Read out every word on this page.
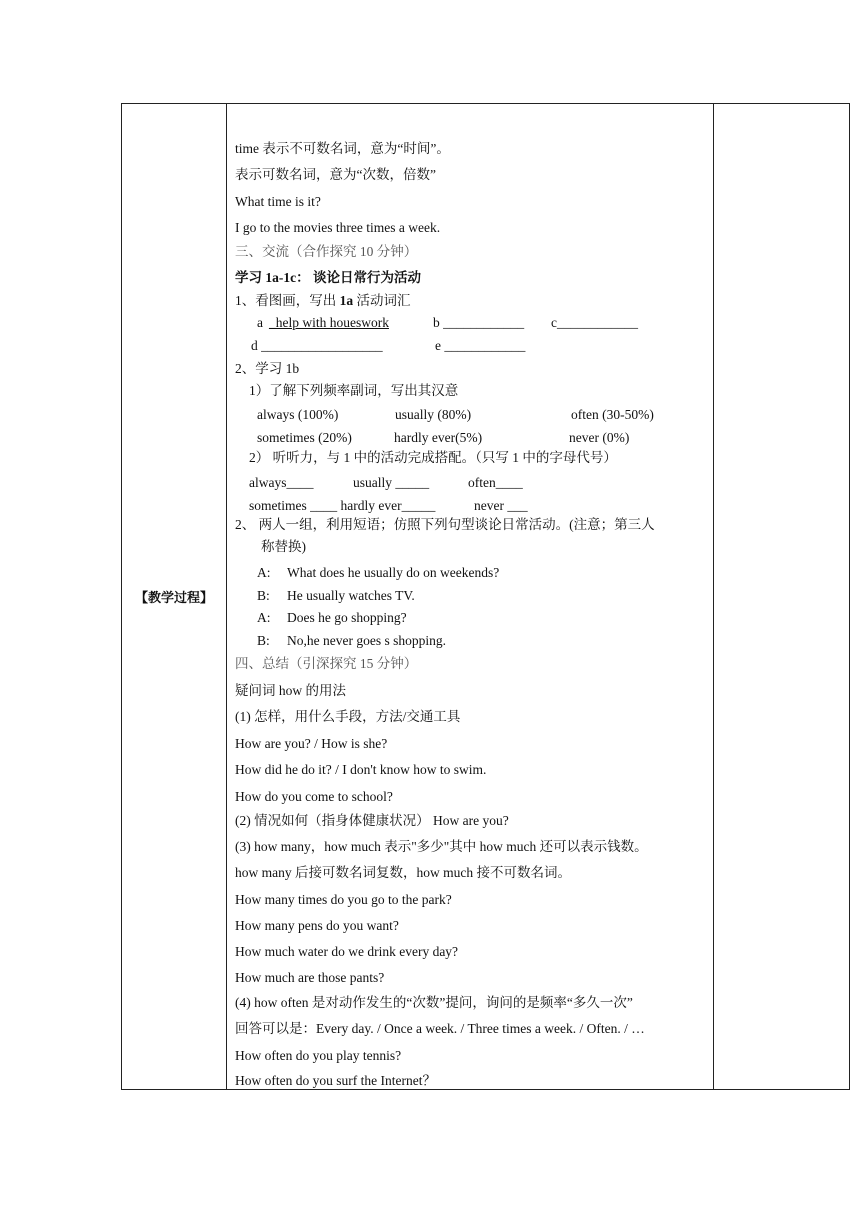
【教学过程】	
time 表示不可数名词，意为“时间”。
表示可数名词，意为“次数，倍数”
What time is it?
I go to the movies three times a week.
三、交流（合作探究 10 分钟）
学习 1a-1c： 谈论日常行为活动
1、看图画，写出 1a 活动词汇
a _help with houeswork	b ____________ c____________
d __________________	e ____________
2、学习 1b
1）了解下列频率副词，写出其汉意
always (100%)	usually (80%)	often (30-50%)
sometimes (20%)	hardly ever(5%)	never (0%)
2） 听听力，与 1 中的活动完成搭配。（只写 1 中的字母代号）
always____	usually _____	often____
sometimes ____ hardly ever_____	never ___
2、 两人一组，利用短语；仿照下列句型谈论日常活动。(注意；第三人
称替换)
A: What does he usually do on weekends?
B: He usually watches TV.
A: Does he go shopping?
B: No,he never goes s shopping.
四、总结（引深探究 15 分钟）
疑问词 how 的用法
(1) 怎样，用什么手段，方法/交通工具
How are you? / How is she?
How did he do it? / I don't know how to swim.
How do you come to school?
(2) 情况如何（指身体健康状况） How are you?
(3) how many，how much 表示"多少"其中 how much 还可以表示钱数。
how many 后接可数名词复数，how much 接不可数名词。
How many times do you go to the park?
How many pens do you want?
How much water do we drink every day?
How much are those pants?
(4) how often 是对动作发生的“次数”提问，询问的是频率“多久一次”
回答可以是：Every day. / Once a week. / Three times a week. / Often. / …
How often do you play tennis?
How often do you surf the Internet？
